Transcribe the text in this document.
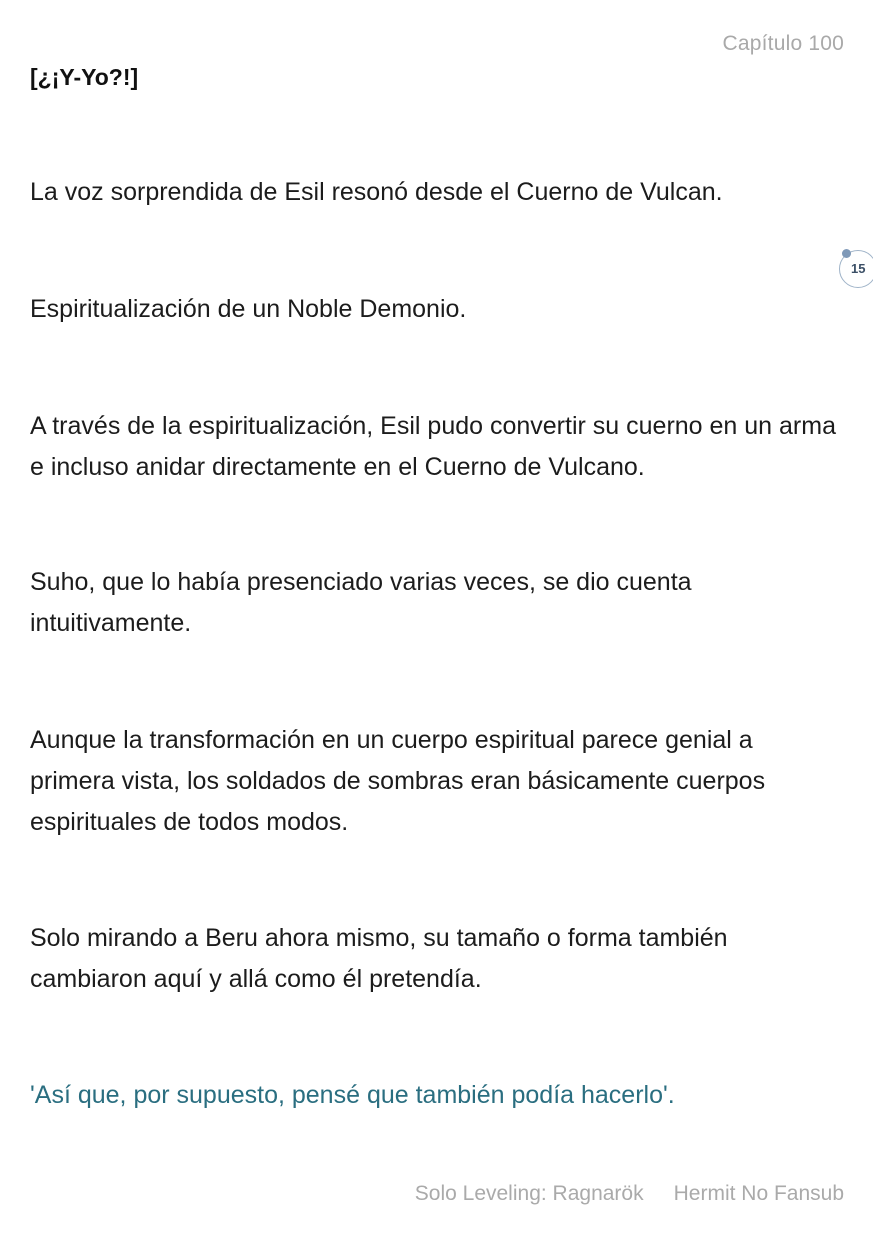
Capítulo 100
[¿¡Y-Yo?!]

La voz sorprendida de Esil resonó desde el Cuerno de Vulcan.

Espiritualización de un Noble Demonio.

A través de la espiritualización, Esil pudo convertir su cuerno en un arma e incluso anidar directamente en el Cuerno de Vulcano.

Suho, que lo había presenciado varias veces, se dio cuenta intuitivamente.

Aunque la transformación en un cuerpo espiritual parece genial a primera vista, los soldados de sombras eran básicamente cuerpos espirituales de todos modos.

Solo mirando a Beru ahora mismo, su tamaño o forma también cambiaron aquí y allá como él pretendía.

'Así que, por supuesto, pensé que también podía hacerlo'.

15
Solo Leveling: Ragnarök Hermit No Fansub
